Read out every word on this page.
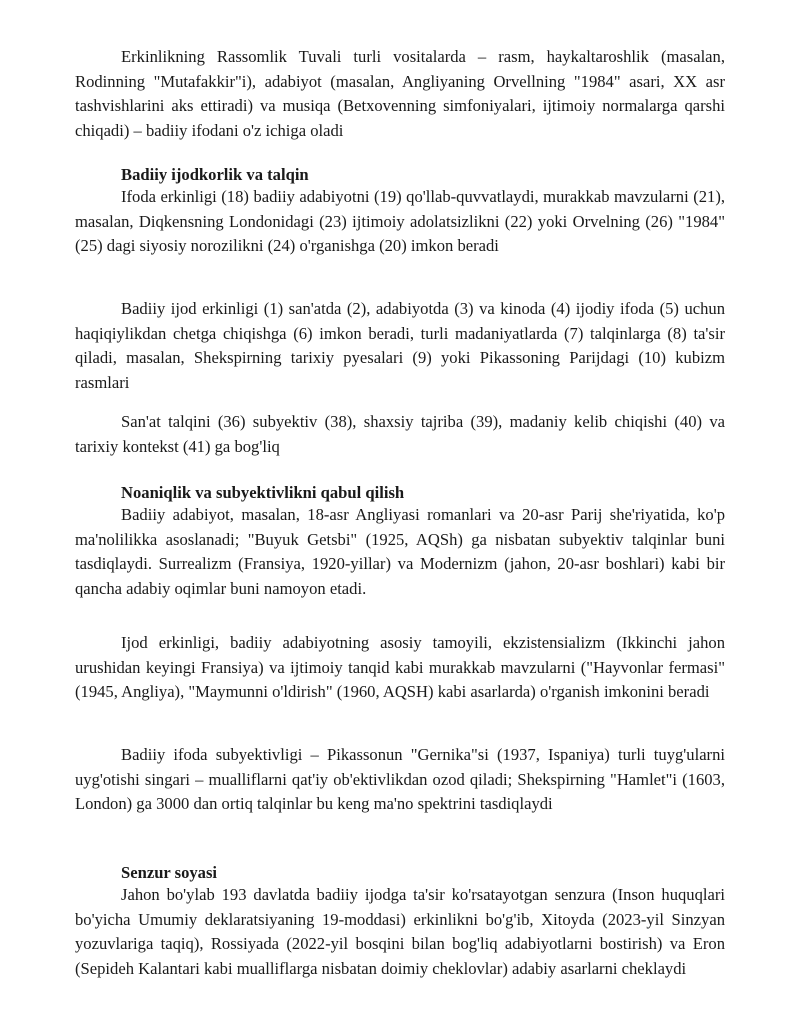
Erkinlikning Rassomlik Tuvali turli vositalarda – rasm, haykaltaroshlik (masalan, Rodinning "Mutafakkir"i), adabiyot (masalan, Angliyaning Orvellning "1984" asari, XX asr tashvishlarini aks ettiradi) va musiqa (Betxovenning simfoniyalari, ijtimoiy normalarga qarshi chiqadi) – badiiy ifodani o'z ichiga oladi

Badiiy ijodkorlik va talqin

Ifoda erkinligi (18) badiiy adabiyotni (19) qo'llab-quvvatlaydi, murakkab mavzularni (21), masalan, Diqkensning Londonidagi (23) ijtimoiy adolatsizlikni (22) yoki Orvelning (26) "1984" (25) dagi siyosiy norozilikni (24) o'rganishga (20) imkon beradi

Badiiy ijod erkinligi (1) san'atda (2), adabiyotda (3) va kinoda (4) ijodiy ifoda (5) uchun haqiqiylikdan chetga chiqishga (6) imkon beradi, turli madaniyatlarda (7) talqinlarga (8) ta'sir qiladi, masalan, Shekspirning tarixiy pyesalari (9) yoki Pikassoning Parijdagi (10) kubizm rasmlari

San'at talqini (36) subyektiv (38), shaxsiy tajriba (39), madaniy kelib chiqishi (40) va tarixiy kontekst (41) ga bog'liq

Noaniqlik va subyektivlikni qabul qilish

Badiiy adabiyot, masalan, 18-asr Angliyasi romanlari va 20-asr Parij she'riyatida, ko'p ma'nolilikka asoslanadi; "Buyuk Getsbi" (1925, AQSh) ga nisbatan subyektiv talqinlar buni tasdiqlaydi. Surrealizm (Fransiya, 1920-yillar) va Modernizm (jahon, 20-asr boshlari) kabi bir qancha adabiy oqimlar buni namoyon etadi.

Ijod erkinligi, badiiy adabiyotning asosiy tamoyili, ekzistensializm (Ikkinchi jahon urushidan keyingi Fransiya) va ijtimoiy tanqid kabi murakkab mavzularni ("Hayvonlar fermasi" (1945, Angliya), "Maymunni o'ldirish" (1960, AQSH) kabi asarlarda) o'rganish imkonini beradi

Badiiy ifoda subyektivligi – Pikassonun "Gernika"si (1937, Ispaniya) turli tuyg'ularni uyg'otishi singari – mualliflarni qat'iy ob'ektivlikdan ozod qiladi; Shekspirning "Hamlet"i (1603, London) ga 3000 dan ortiq talqinlar bu keng ma'no spektrini tasdiqlaydi

Senzur soyasi

Jahon bo'ylab 193 davlatda badiiy ijodga ta'sir ko'rsatayotgan senzura (Inson huquqlari bo'yicha Umumiy deklaratsiyaning 19-moddasi) erkinlikni bo'g'ib, Xitoyda (2023-yil Sinzyan yozuvlariga taqiq), Rossiyada (2022-yil bosqini bilan bog'liq adabiyotlarni bostirish) va Eron (Sepideh Kalantari kabi mualliflarga nisbatan doimiy cheklovlar) adabiy asarlarni cheklaydi
